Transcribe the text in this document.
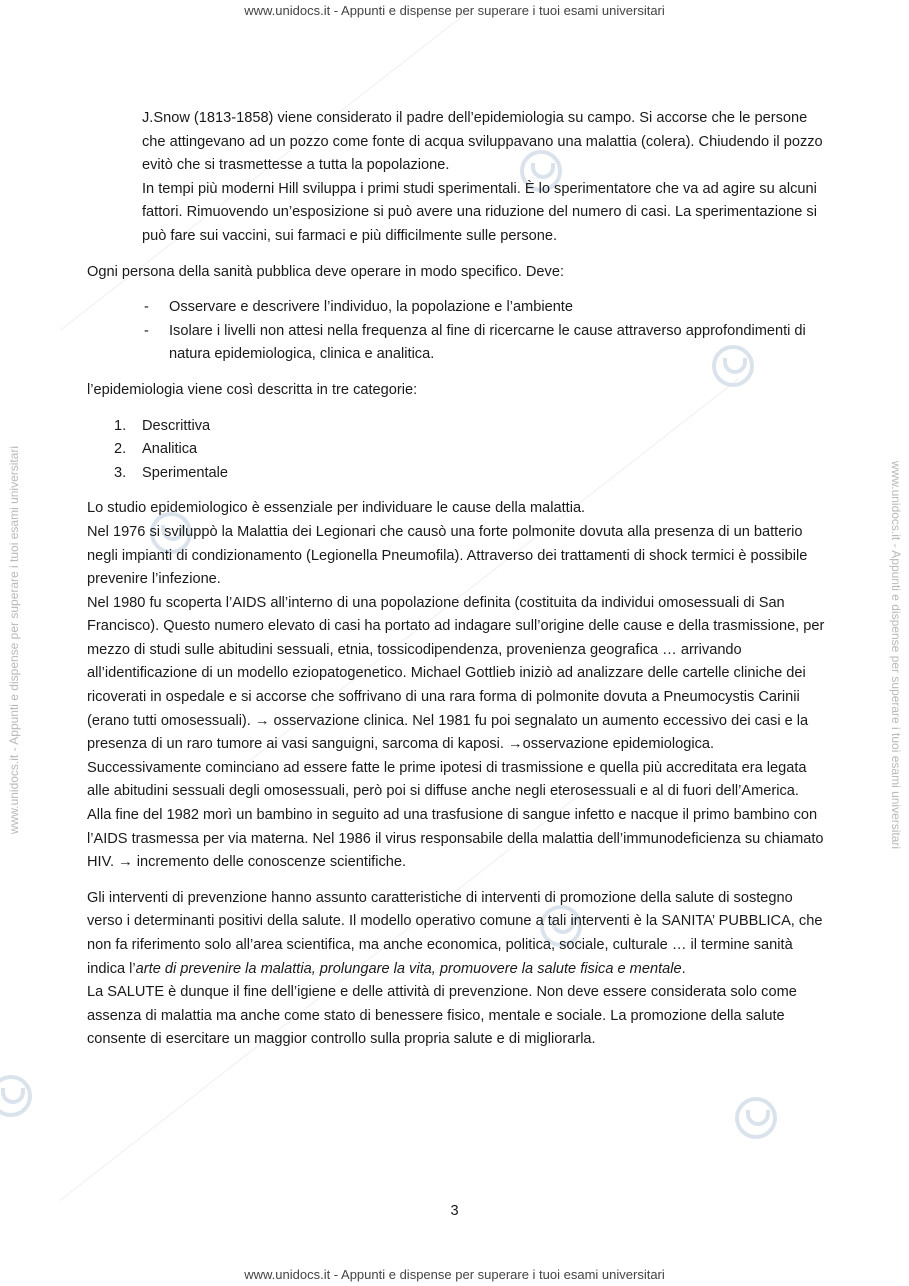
www.unidocs.it - Appunti e dispense per superare i tuoi esami universitari
www.unidocs.it - Appunti e dispense per superare i tuoi esami universitari
www.unidocs.it - Appunti e dispense per superare i tuoi esami universitari	www.unidocs.it - Appunti e dispense per superare i tuoi esami universitari

J.Snow (1813-1858) viene considerato il padre dell’epidemiologia su campo. Si accorse che le persone che attingevano ad un pozzo come fonte di acqua sviluppavano una malattia (colera). Chiudendo il pozzo evitò che si trasmettesse a tutta la popolazione.

In tempi più moderni Hill sviluppa i primi studi sperimentali. È lo sperimentatore che va ad agire su alcuni fattori. Rimuovendo un’esposizione si può avere una riduzione del numero di casi. La sperimentazione si può fare sui vaccini, sui farmaci e più difficilmente sulle persone.

Ogni persona della sanità pubblica deve operare in modo specifico. Deve:

- Osservare e descrivere l’individuo, la popolazione e l’ambiente
- Isolare i livelli non attesi nella frequenza al fine di ricercarne le cause attraverso approfondimenti di natura epidemiologica, clinica e analitica.

l’epidemiologia viene così descritta in tre categorie:

1. Descrittiva
2. Analitica
3. Sperimentale

Lo studio epidemiologico è essenziale per individuare le cause della malattia.

Nel 1976 si sviluppò la Malattia dei Legionari che causò una forte polmonite dovuta alla presenza di un batterio negli impianti di condizionamento (Legionella Pneumofila). Attraverso dei trattamenti di shock termici è possibile prevenire l’infezione.

Nel 1980 fu scoperta l’AIDS all’interno di una popolazione definita (costituita da individui omosessuali di San Francisco). Questo numero elevato di casi ha portato ad indagare sull’origine delle cause e della trasmissione, per mezzo di studi sulle abitudini sessuali, etnia, tossicodipendenza, provenienza geografica … arrivando all’identificazione di un modello eziopatogenetico. Michael Gottlieb iniziò ad analizzare delle cartelle cliniche dei ricoverati in ospedale e si accorse che soffrivano di una rara forma di polmonite dovuta a Pneumocystis Carinii (erano tutti omosessuali). → osservazione clinica. Nel 1981 fu poi segnalato un aumento eccessivo dei casi e la presenza di un raro tumore ai vasi sanguigni, sarcoma di kaposi. →osservazione epidemiologica. Successivamente cominciano ad essere fatte le prime ipotesi di trasmissione e quella più accreditata era legata alle abitudini sessuali degli omosessuali, però poi si diffuse anche negli eterosessuali e al di fuori dell’America. Alla fine del 1982 morì un bambino in seguito ad una trasfusione di sangue infetto e nacque il primo bambino con l’AIDS trasmessa per via materna. Nel 1986 il virus responsabile della malattia dell’immunodeficienza su chiamato HIV. → incremento delle conoscenze scientifiche.

Gli interventi di prevenzione hanno assunto caratteristiche di interventi di promozione della salute di sostegno verso i determinanti positivi della salute. Il modello operativo comune a tali interventi è la SANITA’ PUBBLICA, che non fa riferimento solo all’area scientifica, ma anche economica, politica, sociale, culturale … il termine sanità indica l’arte di prevenire la malattia, prolungare la vita, promuovere la salute fisica e mentale.

La SALUTE è dunque il fine dell’igiene e delle attività di prevenzione. Non deve essere considerata solo come assenza di malattia ma anche come stato di benessere fisico, mentale e sociale. La promozione della salute consente di esercitare un maggior controllo sulla propria salute e di migliorarla.

3
